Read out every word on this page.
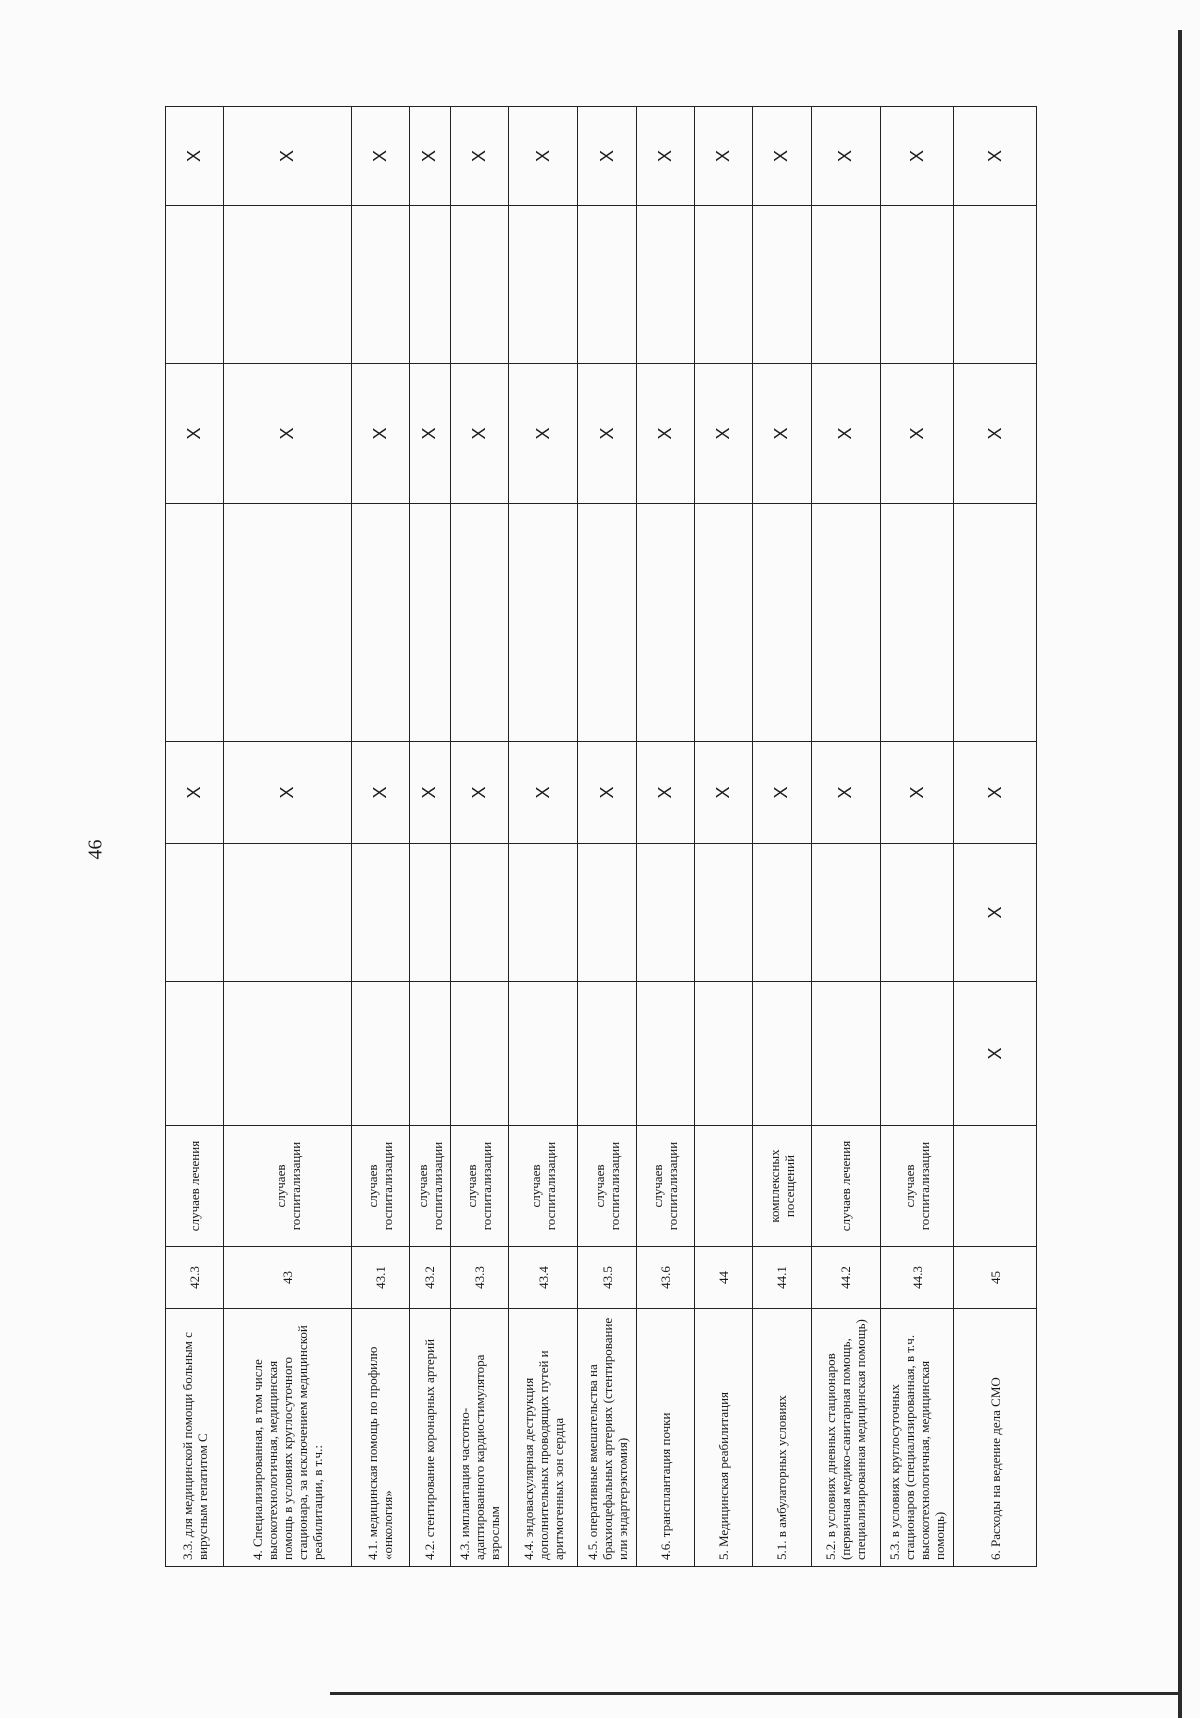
46
3.3. для медицинской помощи больным с вирусным гепатитом С	42.3	случаев лечения			X		X		X
4. Специализированная, в том числе высокотехнологичная, медицинская помощь в условиях круглосуточного стационара, за исключением медицинской реабилитации, в т.ч.:	43	случаев госпитализации			X		X		X
4.1. медицинская помощь по профилю «онкология»	43.1	случаев госпитализации			X		X		X
4.2. стентирование коронарных артерий	43.2	случаев госпитализации			X		X		X
4.3. имплантация частотно-адаптированного кардиостимулятора взрослым	43.3	случаев госпитализации			X		X		X
4.4. эндоваскулярная деструкция дополнительных проводящих путей и аритмогенных зон сердца	43.4	случаев госпитализации			X		X		X
4.5. оперативные вмешательства на брахиоцефальных артериях (стентирование или эндартерэктомия)	43.5	случаев госпитализации			X		X		X
4.6. трансплантация почки	43.6	случаев госпитализации			X		X		X
5. Медицинская реабилитация	44				X		X		X
5.1. в амбулаторных условиях	44.1	комплексных посещений			X		X		X
5.2. в условиях дневных стационаров (первичная медико-санитарная помощь, специализированная медицинская помощь)	44.2	случаев лечения			X		X		X
5.3. в условиях круглосуточных стационаров (специализированная, в т.ч. высокотехнологичная, медицинская помощь)	44.3	случаев госпитализации			X		X		X
6. Расходы на ведение дела СМО	45		X	X	X		X		X
